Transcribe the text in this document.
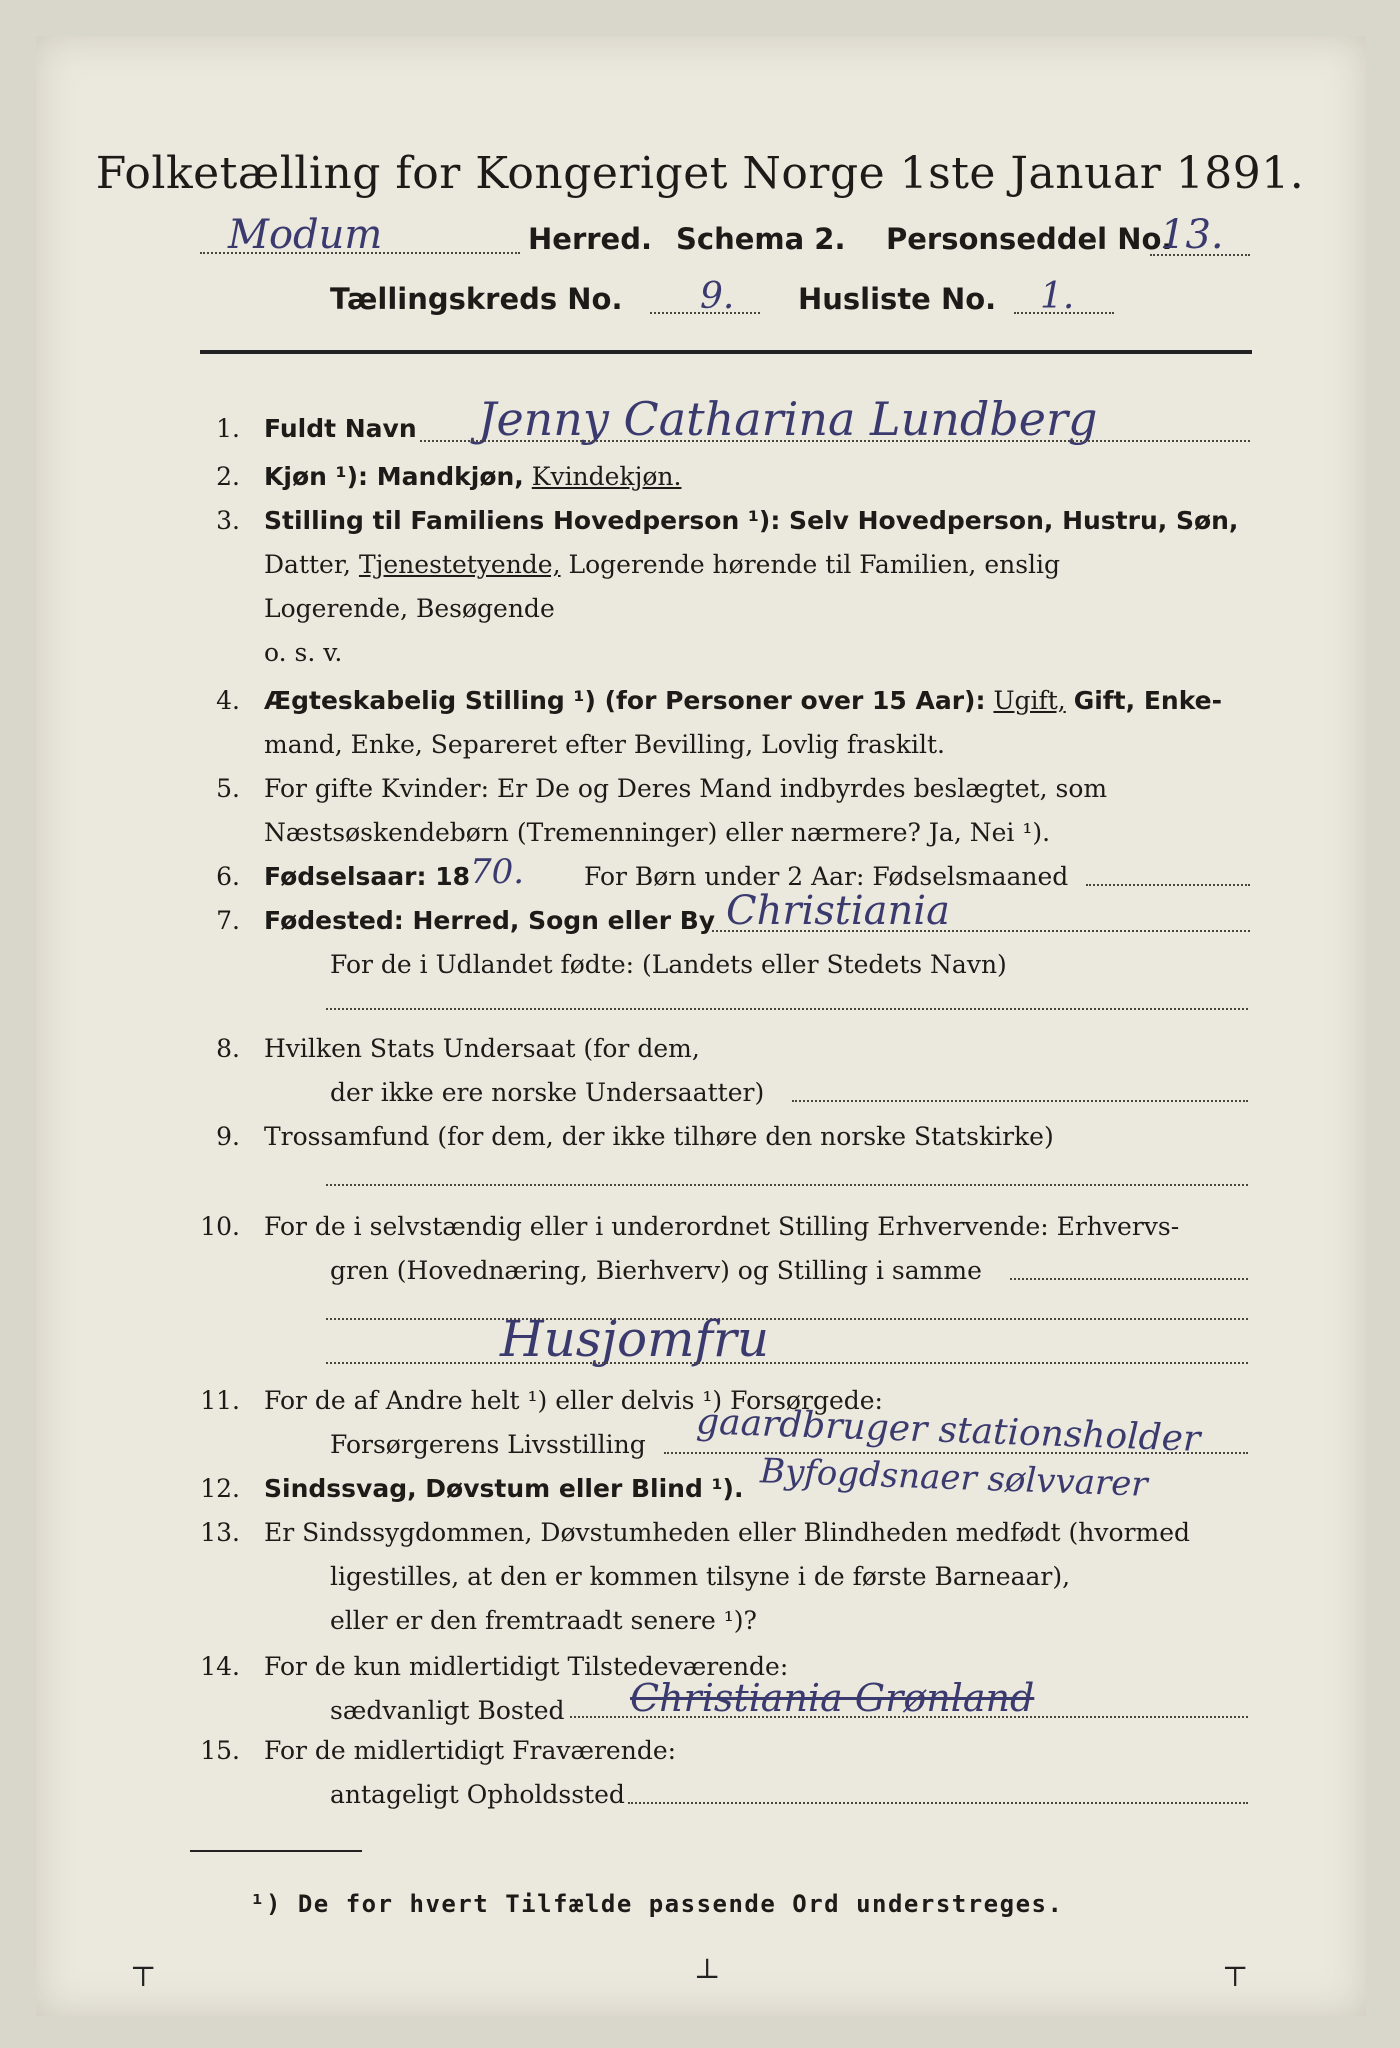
Folketælling for Kongeriget Norge 1ste Januar 1891.
Modum	Herred. Schema 2. Personseddel No.
13.
Tællingskreds No. 9. Husliste No. 1.
1. Fuldt Navn Jenny Catharina Lundberg
2. Kjøn ¹): Mandkjøn, Kvindekjøn.
3. Stilling til Familiens Hovedperson ¹): Selv Hovedperson, Hustru, Søn,
Datter, Tjenestetyende, Logerende hørende til Familien, enslig
Logerende, Besøgende
o. s. v.
4. Ægteskabelig Stilling ¹) (for Personer over 15 Aar): Ugift, Gift, Enke-
mand, Enke, Separeret efter Bevilling, Lovlig fraskilt.
5. For gifte Kvinder: Er De og Deres Mand indbyrdes beslægtet, som
Næstsøskendebørn (Tremenninger) eller nærmere? Ja, Nei ¹).
6. Fødselsaar: 18 70. For Børn under 2 Aar: Fødselsmaaned
7. Fødested: Herred, Sogn eller By Christiania
For de i Udlandet fødte: (Landets eller Stedets Navn)
8. Hvilken Stats Undersaat (for dem,
der ikke ere norske Undersaatter)
9. Trossamfund (for dem, der ikke tilhøre den norske Statskirke)
10. For de i selvstændig eller i underordnet Stilling Erhvervende: Erhvervs-
gren (Hovednæring, Bierhverv) og Stilling i samme
Husjomfru
11. For de af Andre helt ¹) eller delvis ¹) Forsørgede:
Forsørgerens Livsstilling gaardbruger stationsholder
12. Sindssvag, Døvstum eller Blind ¹). Byfogdsnaer sølvvarer
13. Er Sindssygdommen, Døvstumheden eller Blindheden medfødt (hvormed
ligestilles, at den er kommen tilsyne i de første Barneaar),
eller er den fremtraadt senere ¹)?
14. For de kun midlertidigt Tilstedeværende:
sædvanligt Bosted Christiania Grønland
15. For de midlertidigt Fraværende:
antageligt Opholdssted
¹) De for hvert Tilfælde passende Ord understreges.
⊤	⊥	⊤
